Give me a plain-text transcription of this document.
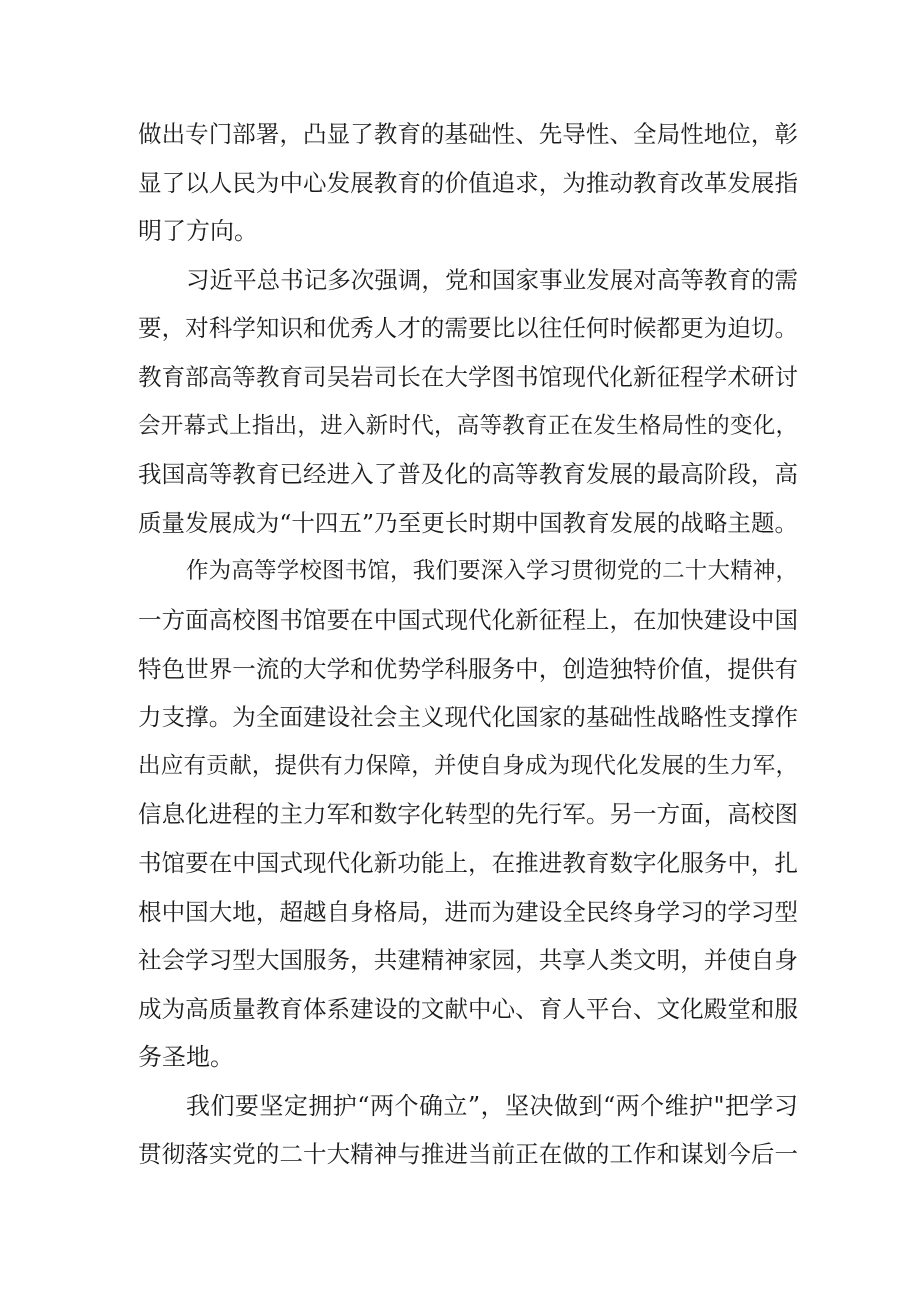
做出专门部署，凸显了教育的基础性、先导性、全局性地位，彰
显了以人民为中心发展教育的价值追求，为推动教育改革发展指
明了方向。
习近平总书记多次强调，党和国家事业发展对高等教育的需
要，对科学知识和优秀人才的需要比以往任何时候都更为迫切。
教育部高等教育司吴岩司长在大学图书馆现代化新征程学术研讨
会开幕式上指出，进入新时代，高等教育正在发生格局性的变化，
我国高等教育已经进入了普及化的高等教育发展的最高阶段，高
质量发展成为“十四五”乃至更长时期中国教育发展的战略主题。
作为高等学校图书馆，我们要深入学习贯彻党的二十大精神，
一方面高校图书馆要在中国式现代化新征程上，在加快建设中国
特色世界一流的大学和优势学科服务中，创造独特价值，提供有
力支撑。为全面建设社会主义现代化国家的基础性战略性支撑作
出应有贡献，提供有力保障，并使自身成为现代化发展的生力军，
信息化进程的主力军和数字化转型的先行军。另一方面，高校图
书馆要在中国式现代化新功能上，在推进教育数字化服务中，扎
根中国大地，超越自身格局，进而为建设全民终身学习的学习型
社会学习型大国服务，共建精神家园，共享人类文明，并使自身
成为高质量教育体系建设的文献中心、育人平台、文化殿堂和服
务圣地。
我们要坚定拥护“两个确立”，坚决做到“两个维护"把学习
贯彻落实党的二十大精神与推进当前正在做的工作和谋划今后一
